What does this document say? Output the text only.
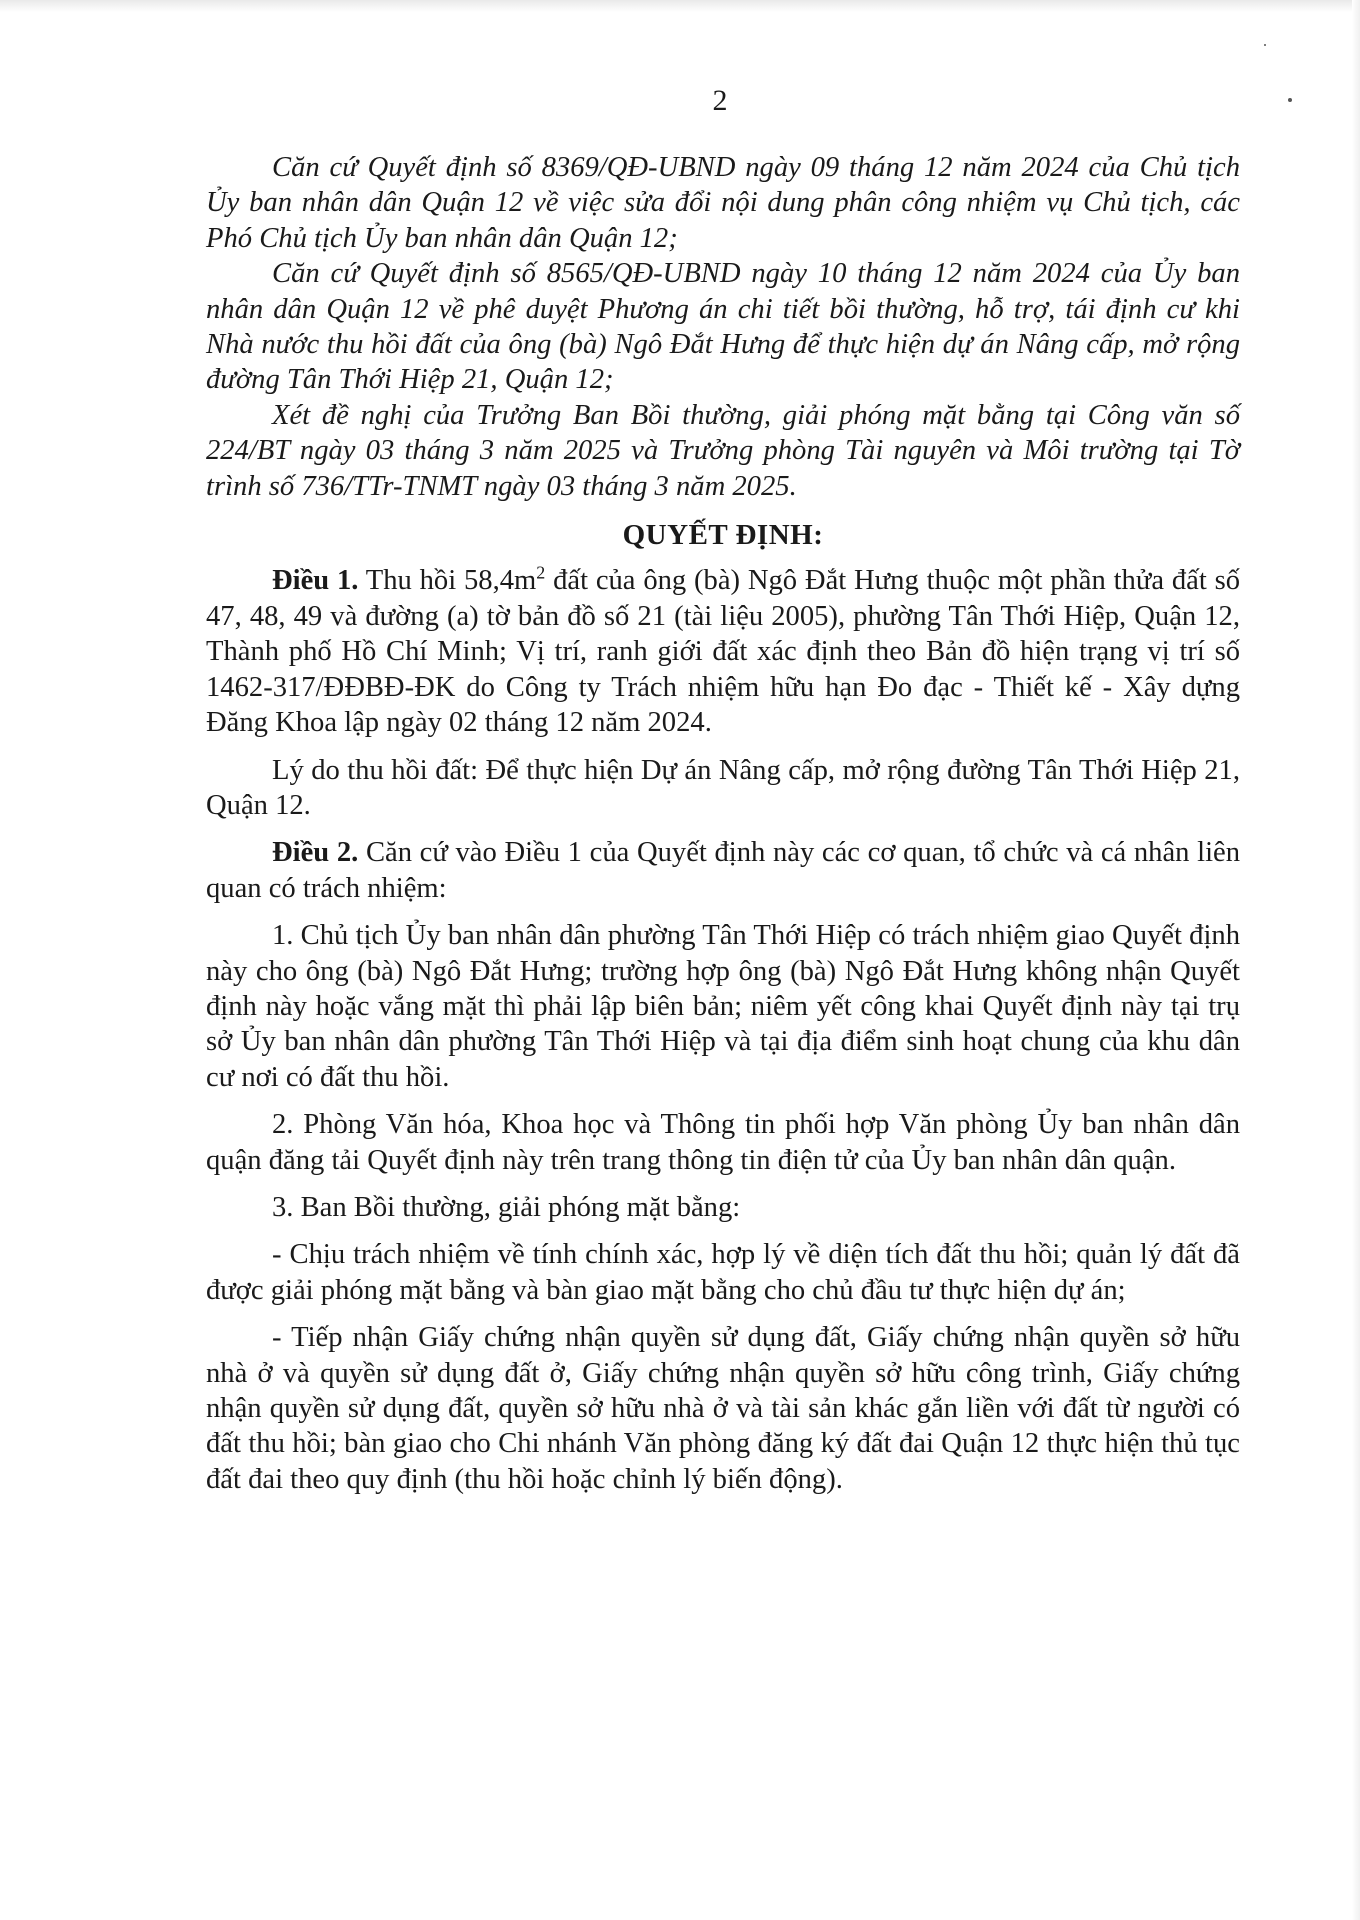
2

Căn cứ Quyết định số 8369/QĐ-UBND ngày 09 tháng 12 năm 2024 của Chủ tịch Ủy ban nhân dân Quận 12 về việc sửa đổi nội dung phân công nhiệm vụ Chủ tịch, các Phó Chủ tịch Ủy ban nhân dân Quận 12;

Căn cứ Quyết định số 8565/QĐ-UBND ngày 10 tháng 12 năm 2024 của Ủy ban nhân dân Quận 12 về phê duyệt Phương án chi tiết bồi thường, hỗ trợ, tái định cư khi Nhà nước thu hồi đất của ông (bà) Ngô Đắt Hưng để thực hiện dự án Nâng cấp, mở rộng đường Tân Thới Hiệp 21, Quận 12;

Xét đề nghị của Trưởng Ban Bồi thường, giải phóng mặt bằng tại Công văn số 224/BT ngày 03 tháng 3 năm 2025 và Trưởng phòng Tài nguyên và Môi trường tại Tờ trình số 736/TTr-TNMT ngày 03 tháng 3 năm 2025.

QUYẾT ĐỊNH:

Điều 1. Thu hồi $58,4m^2$ đất của ông (bà) Ngô Đắt Hưng thuộc một phần thửa đất số 47, 48, 49 và đường (a) tờ bản đồ số 21 (tài liệu 2005), phường Tân Thới Hiệp, Quận 12, Thành phố Hồ Chí Minh; Vị trí, ranh giới đất xác định theo Bản đồ hiện trạng vị trí số 1462-317/ĐĐBĐ-ĐK do Công ty Trách nhiệm hữu hạn Đo đạc - Thiết kế - Xây dựng Đăng Khoa lập ngày 02 tháng 12 năm 2024.

Lý do thu hồi đất: Để thực hiện Dự án Nâng cấp, mở rộng đường Tân Thới Hiệp 21, Quận 12.

Điều 2. Căn cứ vào Điều 1 của Quyết định này các cơ quan, tổ chức và cá nhân liên quan có trách nhiệm:

1. Chủ tịch Ủy ban nhân dân phường Tân Thới Hiệp có trách nhiệm giao Quyết định này cho ông (bà) Ngô Đắt Hưng; trường hợp ông (bà) Ngô Đắt Hưng không nhận Quyết định này hoặc vắng mặt thì phải lập biên bản; niêm yết công khai Quyết định này tại trụ sở Ủy ban nhân dân phường Tân Thới Hiệp và tại địa điểm sinh hoạt chung của khu dân cư nơi có đất thu hồi.

2. Phòng Văn hóa, Khoa học và Thông tin phối hợp Văn phòng Ủy ban nhân dân quận đăng tải Quyết định này trên trang thông tin điện tử của Ủy ban nhân dân quận.

3. Ban Bồi thường, giải phóng mặt bằng:

- Chịu trách nhiệm về tính chính xác, hợp lý về diện tích đất thu hồi; quản lý đất đã được giải phóng mặt bằng và bàn giao mặt bằng cho chủ đầu tư thực hiện dự án;

- Tiếp nhận Giấy chứng nhận quyền sử dụng đất, Giấy chứng nhận quyền sở hữu nhà ở và quyền sử dụng đất ở, Giấy chứng nhận quyền sở hữu công trình, Giấy chứng nhận quyền sử dụng đất, quyền sở hữu nhà ở và tài sản khác gắn liền với đất từ người có đất thu hồi; bàn giao cho Chi nhánh Văn phòng đăng ký đất đai Quận 12 thực hiện thủ tục đất đai theo quy định (thu hồi hoặc chỉnh lý biến động).
